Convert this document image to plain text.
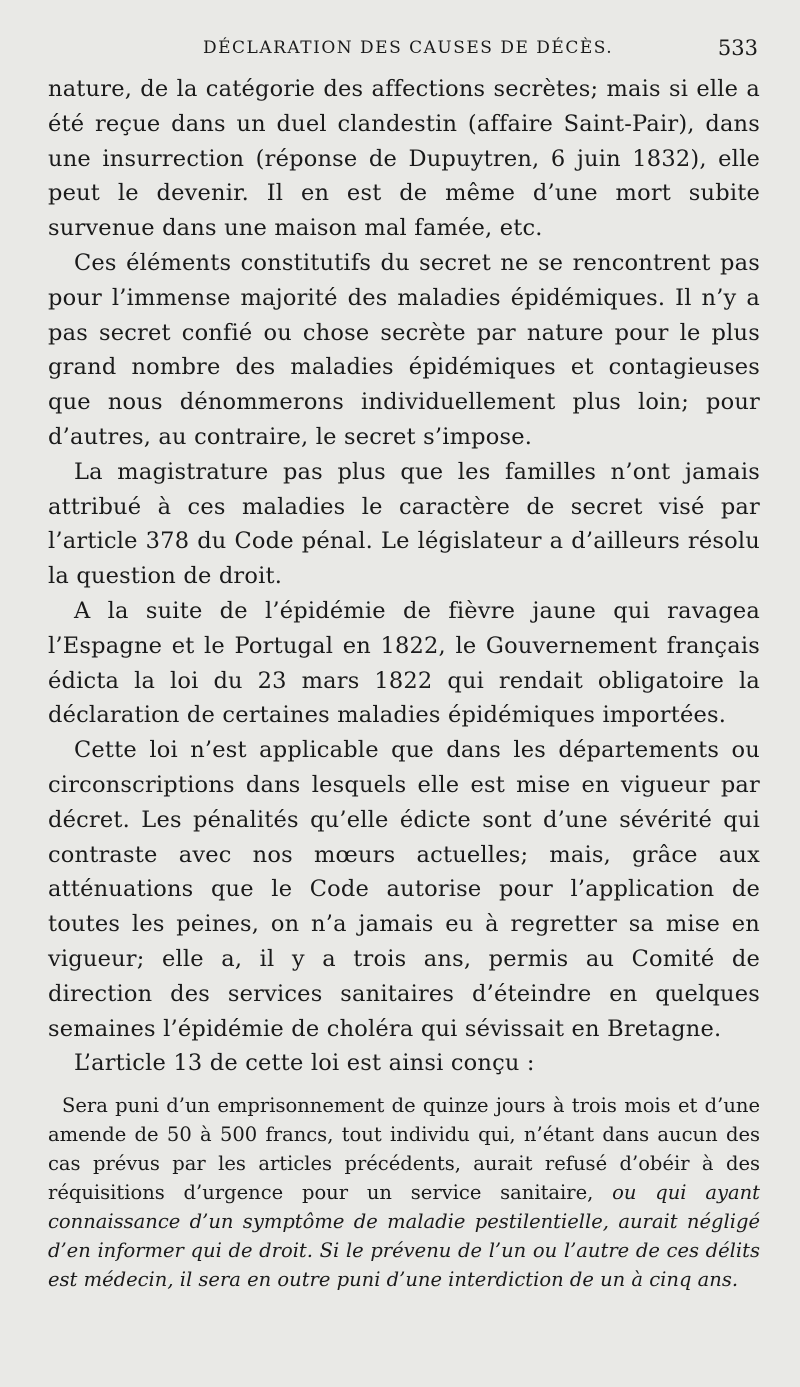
DÉCLARATION DES CAUSES DE DÉCÈS.	533

nature, de la catégorie des affections secrètes; mais si elle a été reçue dans un duel clandestin (affaire Saint-Pair), dans une insurrection (réponse de Dupuytren, 6 juin 1832), elle peut le devenir. Il en est de même d’une mort subite survenue dans une maison mal famée, etc.

Ces éléments constitutifs du secret ne se rencontrent pas pour l’immense majorité des maladies épidémiques. Il n’y a pas secret confié ou chose secrète par nature pour le plus grand nombre des maladies épidémiques et contagieuses que nous dénommerons individuellement plus loin; pour d’autres, au contraire, le secret s’impose.

La magistrature pas plus que les familles n’ont jamais attribué à ces maladies le caractère de secret visé par l’article 378 du Code pénal. Le législateur a d’ailleurs résolu la question de droit.

A la suite de l’épidémie de fièvre jaune qui ravagea l’Espagne et le Portugal en 1822, le Gouvernement français édicta la loi du 23 mars 1822 qui rendait obligatoire la déclaration de certaines maladies épidémiques importées.

Cette loi n’est applicable que dans les départements ou circonscriptions dans lesquels elle est mise en vigueur par décret. Les pénalités qu’elle édicte sont d’une sévérité qui contraste avec nos mœurs actuelles; mais, grâce aux atténuations que le Code autorise pour l’application de toutes les peines, on n’a jamais eu à regretter sa mise en vigueur; elle a, il y a trois ans, permis au Comité de direction des services sanitaires d’éteindre en quelques semaines l’épidémie de choléra qui sévissait en Bretagne.

L’article 13 de cette loi est ainsi conçu :

Sera puni d’un emprisonnement de quinze jours à trois mois et d’une amende de 50 à 500 francs, tout individu qui, n’étant dans aucun des cas prévus par les articles précédents, aurait refusé d’obéir à des réquisitions d’urgence pour un service sanitaire, ou qui ayant connaissance d’un symptôme de maladie pestilentielle, aurait négligé d’en informer qui de droit. Si le prévenu de l’un ou l’autre de ces délits est médecin, il sera en outre puni d’une interdiction de un à cinq ans.
